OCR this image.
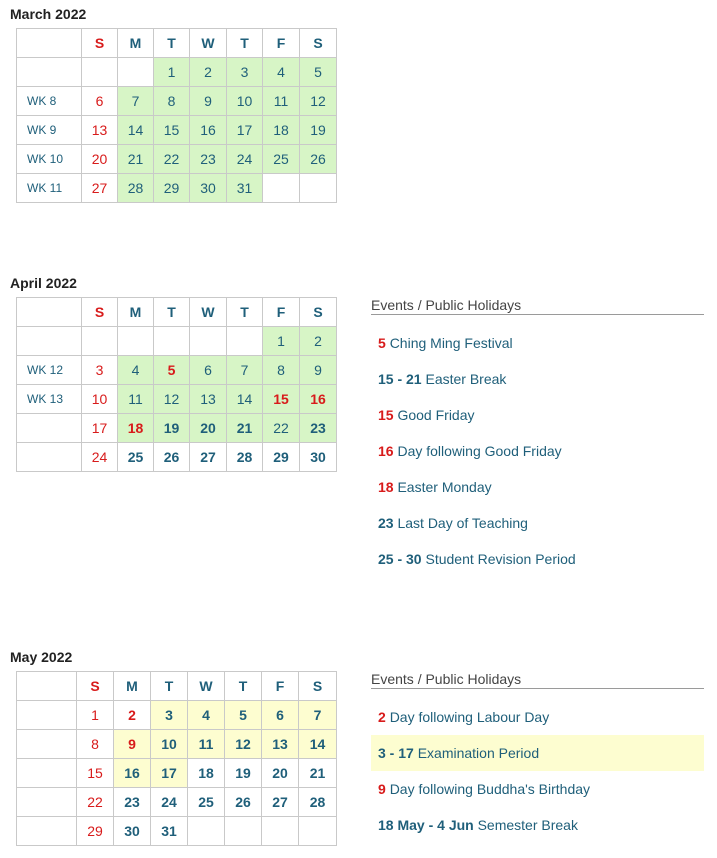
March 2022
	S	M	T	W	T	F	S
			1	2	3	4	5
WK 8	6	7	8	9	10	11	12
WK 9	13	14	15	16	17	18	19
WK 10	20	21	22	23	24	25	26
WK 11	27	28	29	30	31		
April 2022
	S	M	T	W	T	F	S
						1	2
WK 12	3	4	5	6	7	8	9
WK 13	10	11	12	13	14	15	16
	17	18	19	20	21	22	23
	24	25	26	27	28	29	30
Events / Public Holidays
5 Ching Ming Festival
15 - 21 Easter Break
15 Good Friday
16 Day following Good Friday
18 Easter Monday
23 Last Day of Teaching
25 - 30 Student Revision Period
May 2022
	S	M	T	W	T	F	S
	1	2	3	4	5	6	7
	8	9	10	11	12	13	14
	15	16	17	18	19	20	21
	22	23	24	25	26	27	28
	29	30	31				
Events / Public Holidays
2 Day following Labour Day
3 - 17 Examination Period
9 Day following Buddha's Birthday
18 May - 4 Jun Semester Break
